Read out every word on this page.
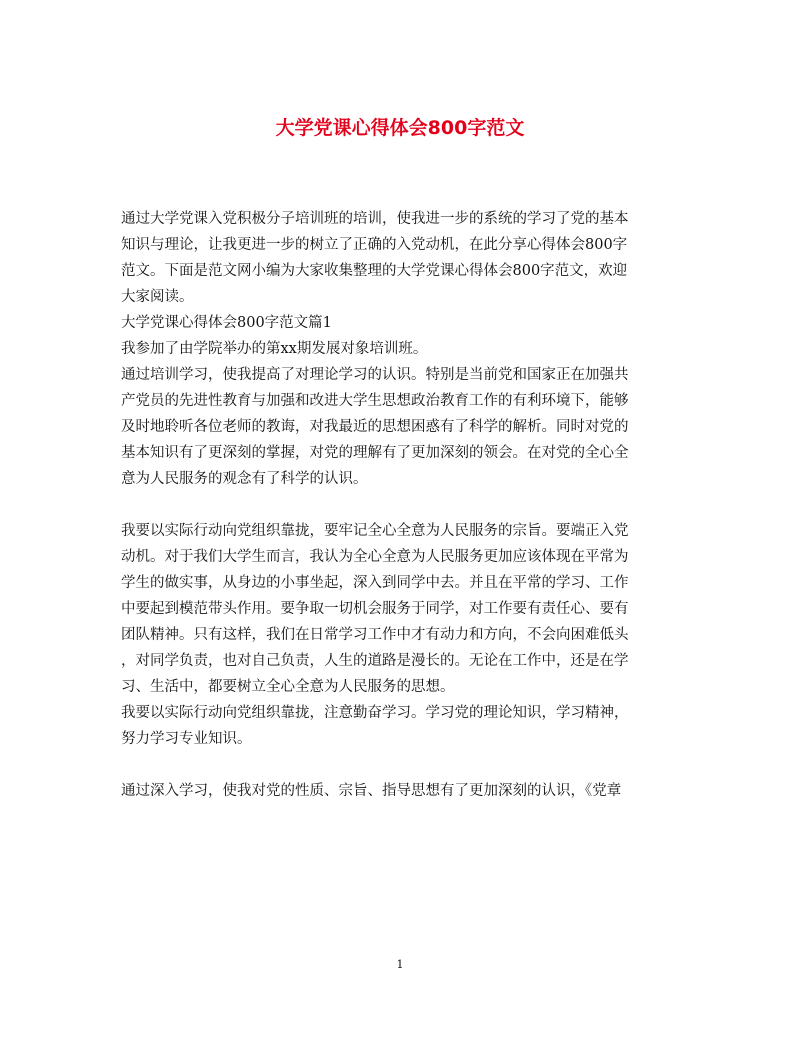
大学党课心得体会800字范文
通过大学党课入党积极分子培训班的培训，使我进一步的系统的学习了党的基本
知识与理论，让我更进一步的树立了正确的入党动机，在此分享心得体会800字
范文。下面是范文网小编为大家收集整理的大学党课心得体会800字范文，欢迎
大家阅读。
大学党课心得体会800字范文篇1
我参加了由学院举办的第xx期发展对象培训班。
通过培训学习，使我提高了对理论学习的认识。特别是当前党和国家正在加强共
产党员的先进性教育与加强和改进大学生思想政治教育工作的有利环境下，能够
及时地聆听各位老师的教诲，对我最近的思想困惑有了科学的解析。同时对党的
基本知识有了更深刻的掌握，对党的理解有了更加深刻的领会。在对党的全心全
意为人民服务的观念有了科学的认识。
我要以实际行动向党组织靠拢，要牢记全心全意为人民服务的宗旨。要端正入党
动机。对于我们大学生而言，我认为全心全意为人民服务更加应该体现在平常为
学生的做实事，从身边的小事坐起，深入到同学中去。并且在平常的学习、工作
中要起到模范带头作用。要争取一切机会服务于同学，对工作要有责任心、要有
团队精神。只有这样，我们在日常学习工作中才有动力和方向，不会向困难低头
，对同学负责，也对自己负责，人生的道路是漫长的。无论在工作中，还是在学
习、生活中，都要树立全心全意为人民服务的思想。
我要以实际行动向党组织靠拢，注意勤奋学习。学习党的理论知识，学习精神，
努力学习专业知识。
通过深入学习，使我对党的性质、宗旨、指导思想有了更加深刻的认识，《党章
1
